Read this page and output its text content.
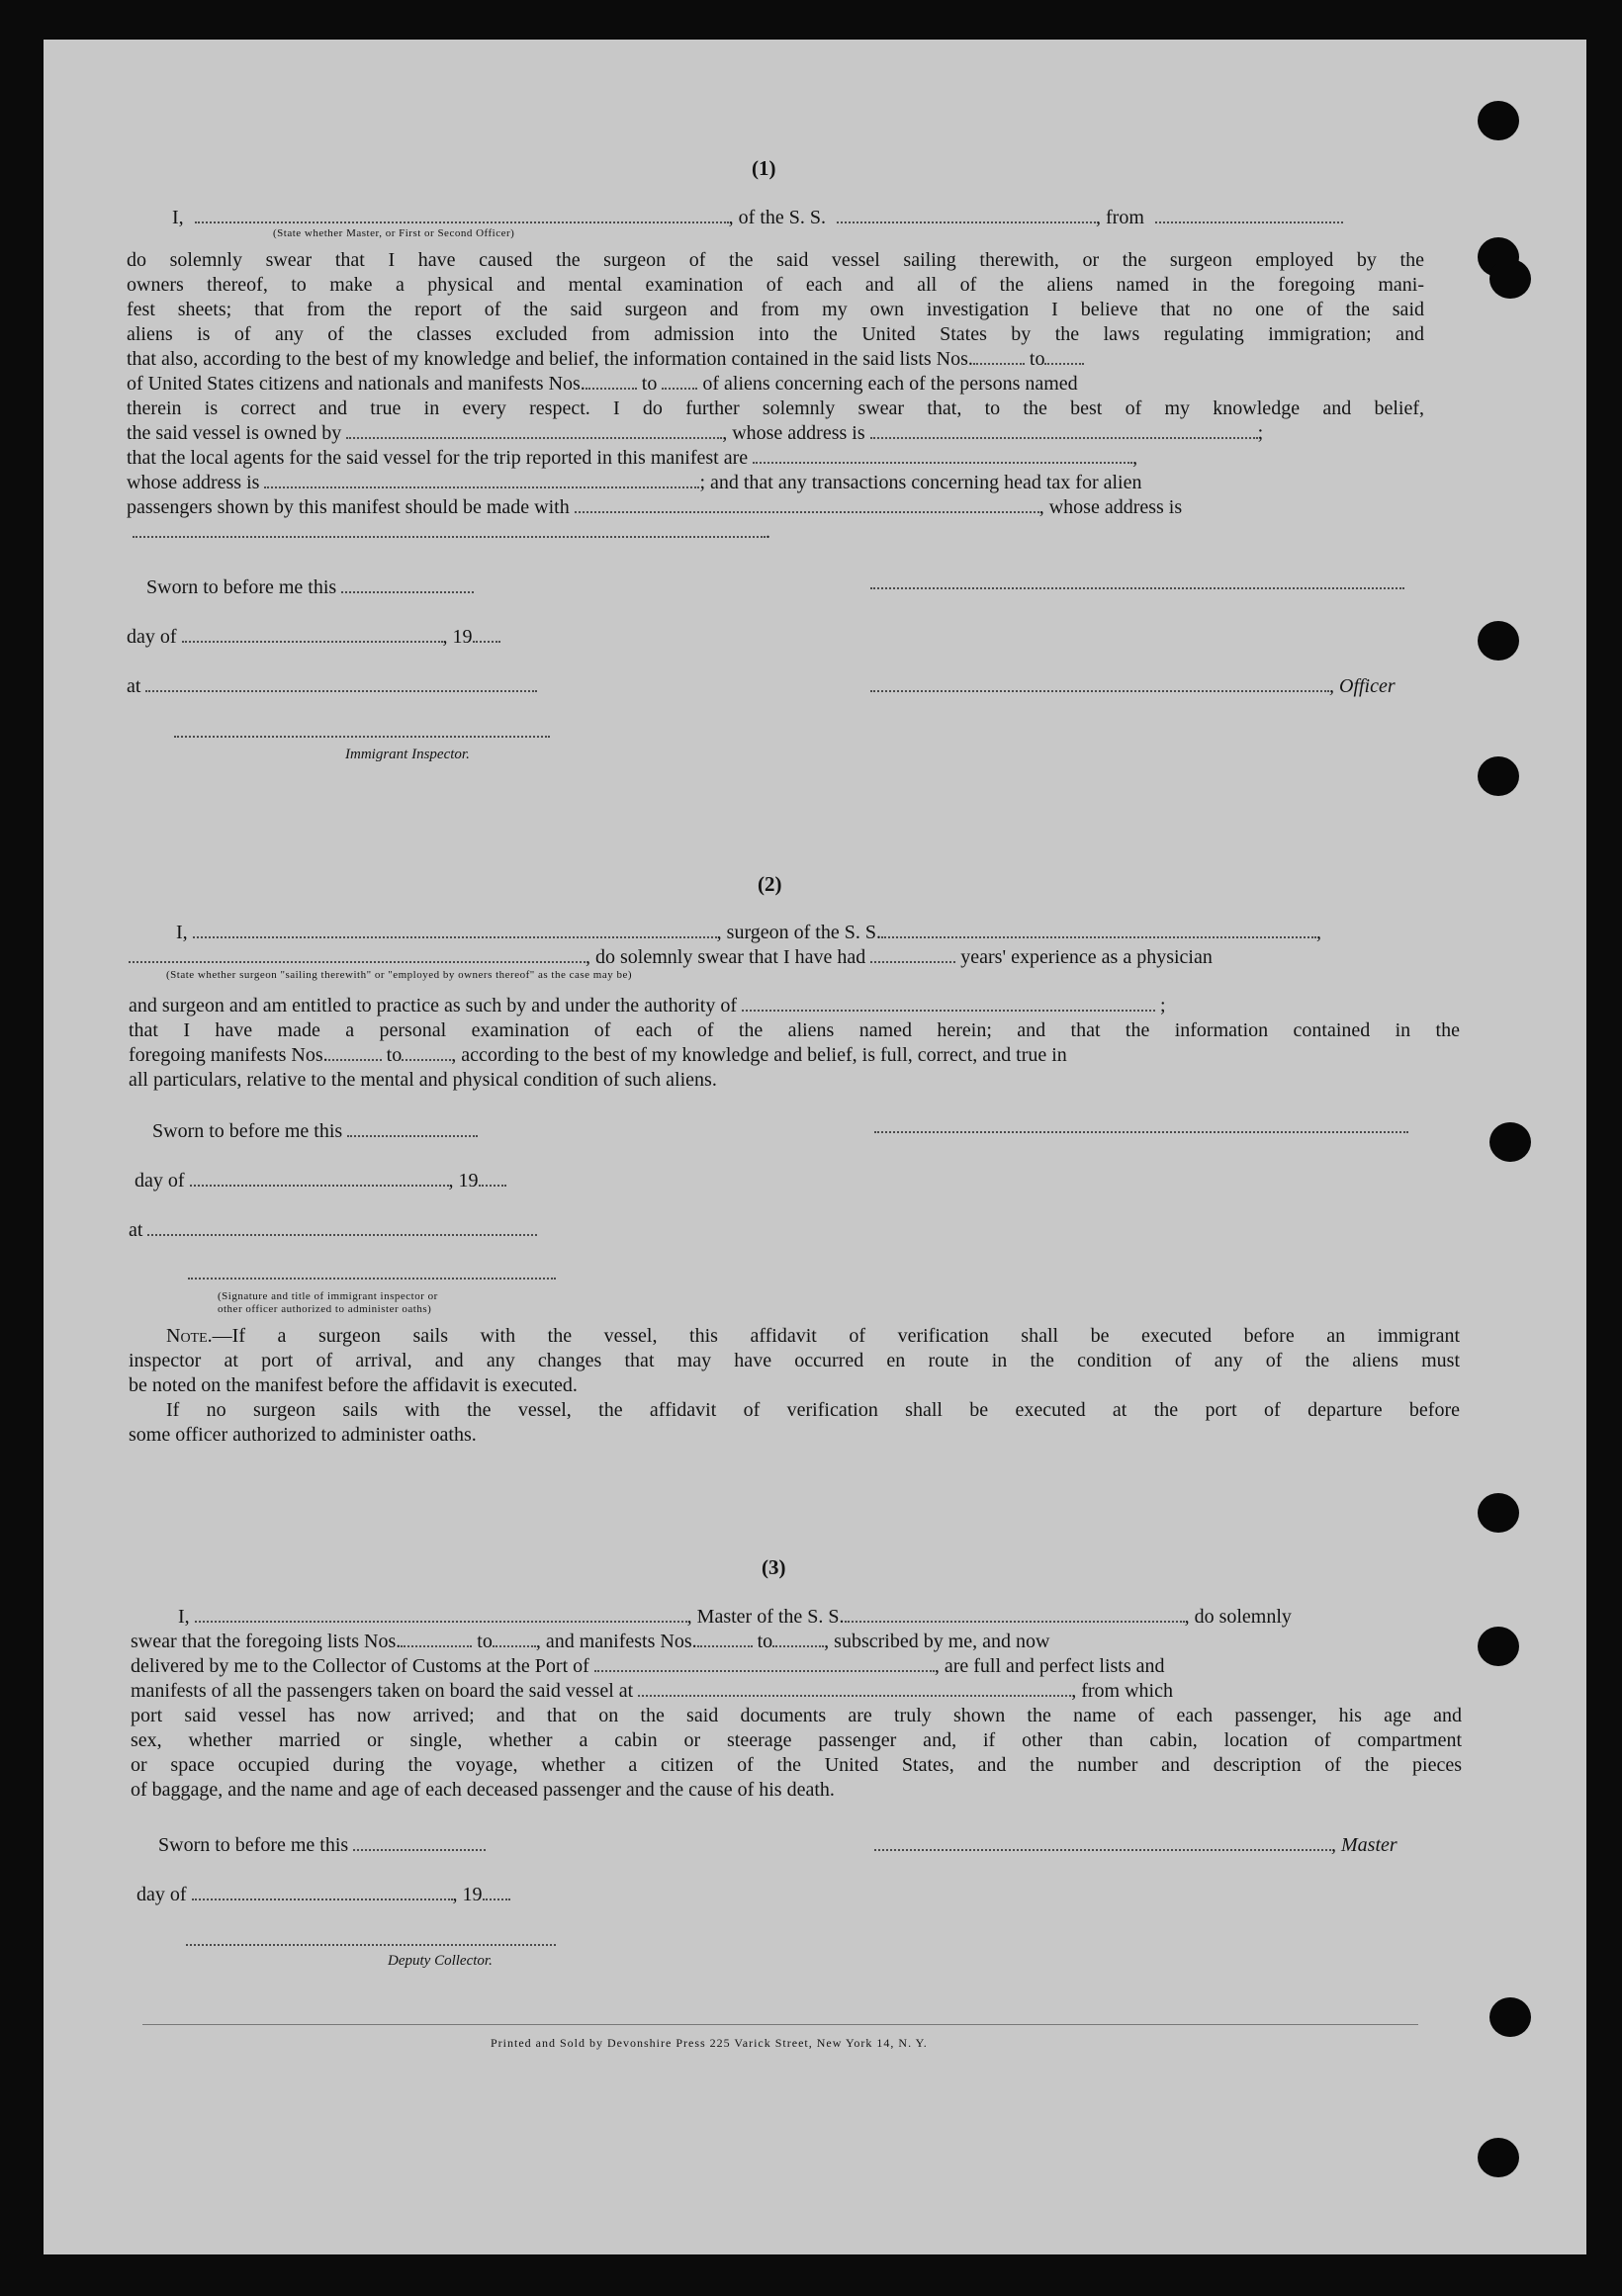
(1)
I,	, of the S. S.	, from
(State whether Master, or First or Second Officer)
do solemnly swear that I have caused the surgeon of the said vessel sailing therewith, or the surgeon employed by the
owners thereof, to make a physical and mental examination of each and all of the aliens named in the foregoing mani-
fest sheets; that from the report of the said surgeon and from my own investigation I believe that no one of the said
aliens is of any of the classes excluded from admission into the United States by the laws regulating immigration; and
that also, according to the best of my knowledge and belief, the information contained in the said lists Nos.	to
of United States citizens and nationals and manifests Nos.	to of aliens concerning each of the persons named
therein is correct and true in every respect. I do further solemnly swear that, to the best of my knowledge and belief,
the said vessel is owned by	, whose address is	;
that the local agents for the said vessel for the trip reported in this manifest are	,
whose address is	; and that any transactions concerning head tax for alien
passengers shown by this manifest should be made with	, whose address is
.
Sworn to before me this
day of	, 19
at	, Officer
Immigrant Inspector.
(2)
I,	, surgeon of the S. S.	,
, do solemnly swear that I have had	years' experience as a physician
(State whether surgeon "sailing therewith" or "employed by owners thereof" as the case may be)
and surgeon and am entitled to practice as such by and under the authority of	;
that I have made a personal examination of each of the aliens named herein; and that the information contained in the
foregoing manifests Nos.	to	, according to the best of my knowledge and belief, is full, correct, and true in
all particulars, relative to the mental and physical condition of such aliens.
Sworn to before me this
day of	, 19
at
(Signature and title of immigrant inspector or
other officer authorized to administer oaths)
Note.—If a surgeon sails with the vessel, this affidavit of verification shall be executed before an immigrant
inspector at port of arrival, and any changes that may have occurred en route in the condition of any of the aliens must
be noted on the manifest before the affidavit is executed.
If no surgeon sails with the vessel, the affidavit of verification shall be executed at the port of departure before
some officer authorized to administer oaths.
(3)
I,	, Master of the S. S.	, do solemnly
swear that the foregoing lists Nos.	to , and manifests Nos.	to	, subscribed by me, and now
delivered by me to the Collector of Customs at the Port of	, are full and perfect lists and
manifests of all the passengers taken on board the said vessel at	, from which
port said vessel has now arrived; and that on the said documents are truly shown the name of each passenger, his age and
sex, whether married or single, whether a cabin or steerage passenger and, if other than cabin, location of compartment
or space occupied during the voyage, whether a citizen of the United States, and the number and description of the pieces
of baggage, and the name and age of each deceased passenger and the cause of his death.
Sworn to before me this	, Master
day of	, 19
Deputy Collector.
Printed and Sold by Devonshire Press 225 Varick Street, New York 14, N. Y.
